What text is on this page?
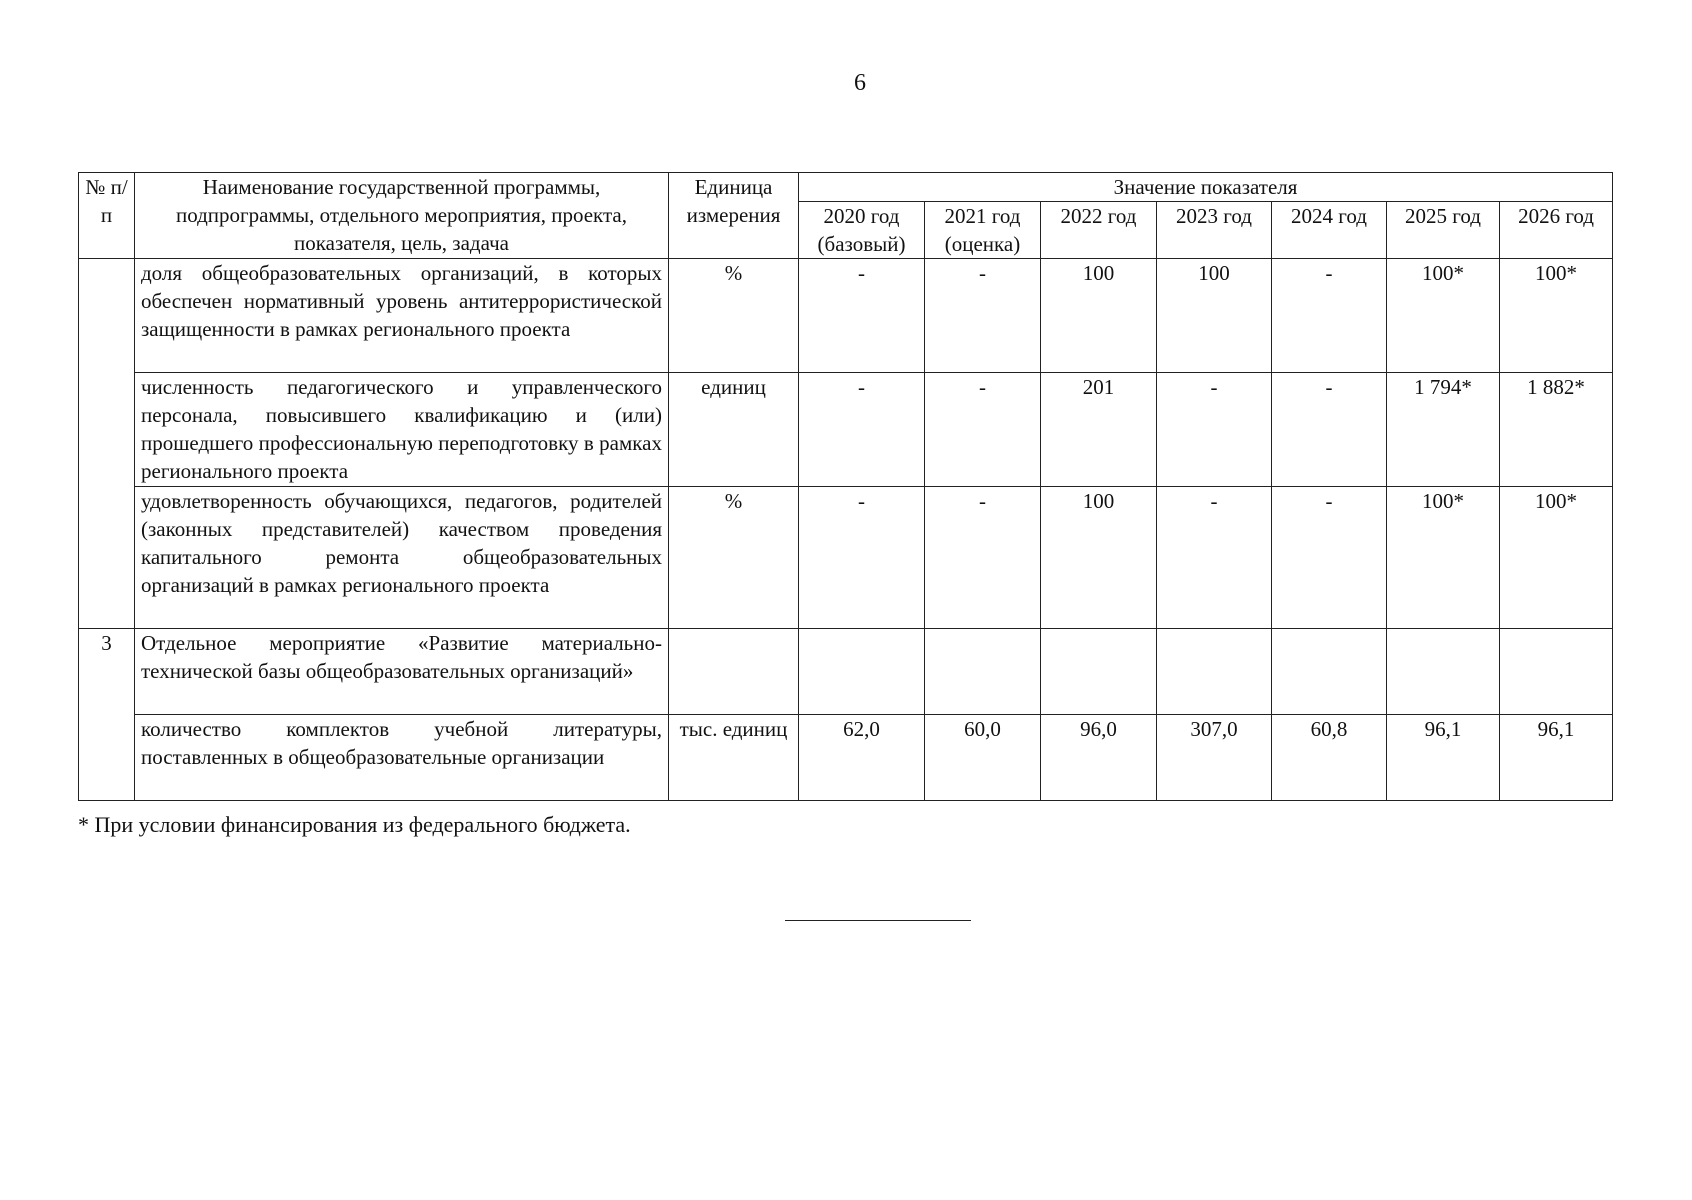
6
№ п/п	Наименование государственной программы, подпрограммы, отдельного мероприятия, проекта, показателя, цель, задача	Единица измерения	Значение показателя						
			2020 год (базовый)	2021 год (оценка)	2022 год	2023 год	2024 год	2025 год	2026 год
	доля общеобразовательных организаций, в которых обеспечен нормативный уровень антитеррористической защищенности в рамках регионального проекта	%	-	-	100	100	-	100*	100*
	численность педагогического и управленческого персонала, повысившего квалификацию и (или) прошедшего профессиональную переподготовку в рамках регионального проекта	единиц	-	-	201	-	-	1 794*	1 882*
	удовлетворенность обучающихся, педагогов, родителей (законных представителей) качеством проведения капитального ремонта общеобразовательных организаций в рамках регионального проекта	%	-	-	100	-	-	100*	100*
3	Отдельное мероприятие «Развитие материально-технической базы общеобразовательных организаций»								
	количество комплектов учебной литературы, поставленных в общеобразовательные организации	тыс. единиц	62,0	60,0	96,0	307,0	60,8	96,1	96,1
* При условии финансирования из федерального бюджета.
